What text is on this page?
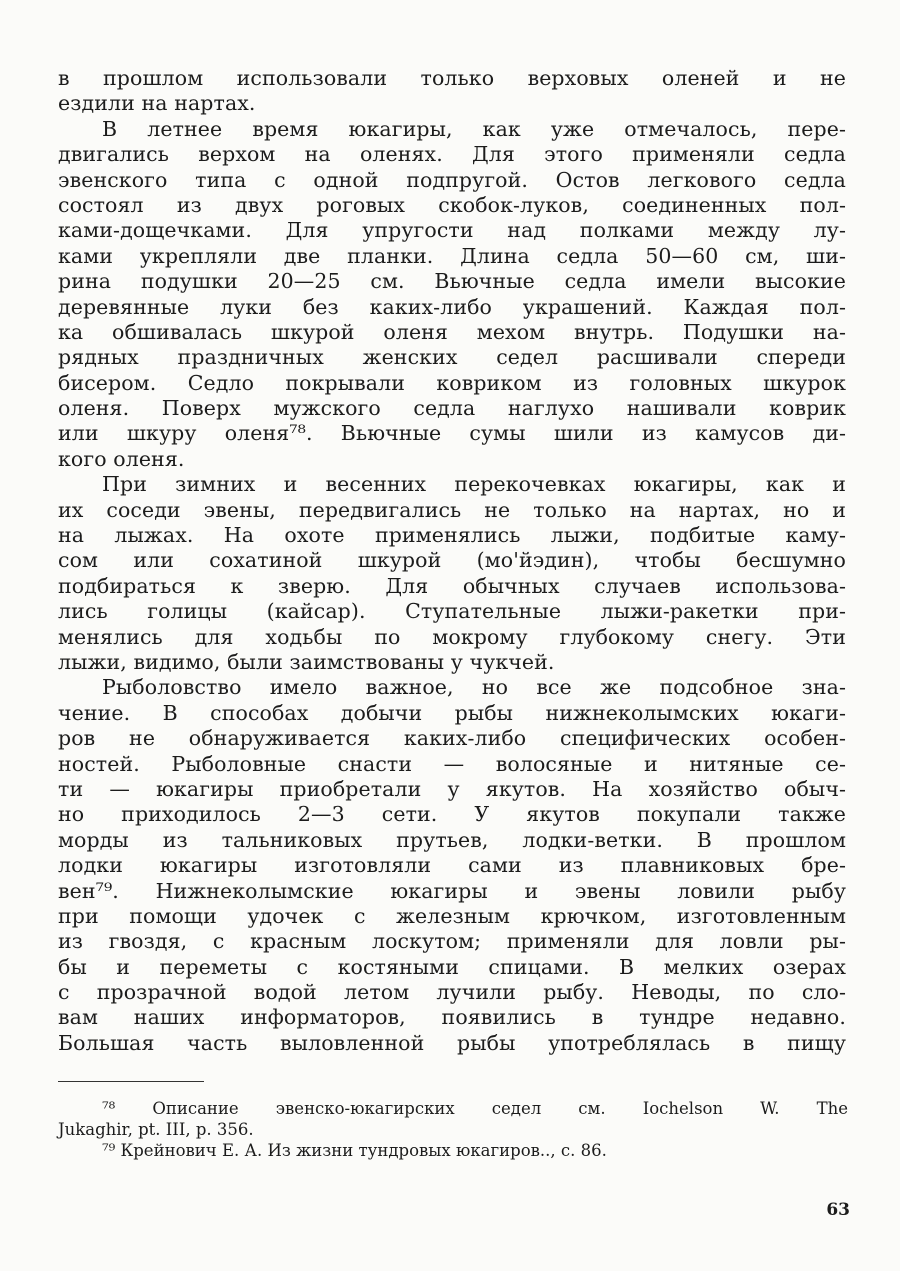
в прошлом использовали только верховых оленей и не
ездили на нартах.
В летнее время юкагиры, как уже отмечалось, пере-
двигались верхом на оленях. Для этого применяли седла
эвенского типа с одной подпругой. Остов легкового седла
состоял из двух роговых скобок-луков, соединенных пол-
ками-дощечками. Для упругости над полками между лу-
ками укрепляли две планки. Длина седла 50—60 см, ши-
рина подушки 20—25 см. Вьючные седла имели высокие
деревянные луки без каких-либо украшений. Каждая пол-
ка обшивалась шкурой оленя мехом внутрь. Подушки на-
рядных праздничных женских седел расшивали спереди
бисером. Седло покрывали ковриком из головных шкурок
оленя. Поверх мужского седла наглухо нашивали коврик
или шкуру оленя⁷⁸. Вьючные сумы шили из камусов ди-
кого оленя.
При зимних и весенних перекочевках юкагиры, как и
их соседи эвены, передвигались не только на нартах, но и
на лыжах. На охоте применялись лыжи, подбитые каму-
сом или сохатиной шкурой (мо'йэдин), чтобы бесшумно
подбираться к зверю. Для обычных случаев использова-
лись голицы (кайсар). Ступательные лыжи-ракетки при-
менялись для ходьбы по мокрому глубокому снегу. Эти
лыжи, видимо, были заимствованы у чукчей.
Рыболовство имело важное, но все же подсобное зна-
чение. В способах добычи рыбы нижнеколымских юкаги-
ров не обнаруживается каких-либо специфических особен-
ностей. Рыболовные снасти — волосяные и нитяные се-
ти — юкагиры приобретали у якутов. На хозяйство обыч-
но приходилось 2—3 сети. У якутов покупали также
морды из тальниковых прутьев, лодки-ветки. В прошлом
лодки юкагиры изготовляли сами из плавниковых бре-
вен⁷⁹. Нижнеколымские юкагиры и эвены ловили рыбу
при помощи удочек с железным крючком, изготовленным
из гвоздя, с красным лоскутом; применяли для ловли ры-
бы и переметы с костяными спицами. В мелких озерах
с прозрачной водой летом лучили рыбу. Неводы, по сло-
вам наших информаторов, появились в тундре недавно.
Большая часть выловленной рыбы употреблялась в пищу
⁷⁸ Описание эвенско-юкагирских седел см. Iochelson W. The
Jukaghir, pt. III, p. 356.
⁷⁹ Крейнович Е. А. Из жизни тундровых юкагиров.., с. 86.
63
